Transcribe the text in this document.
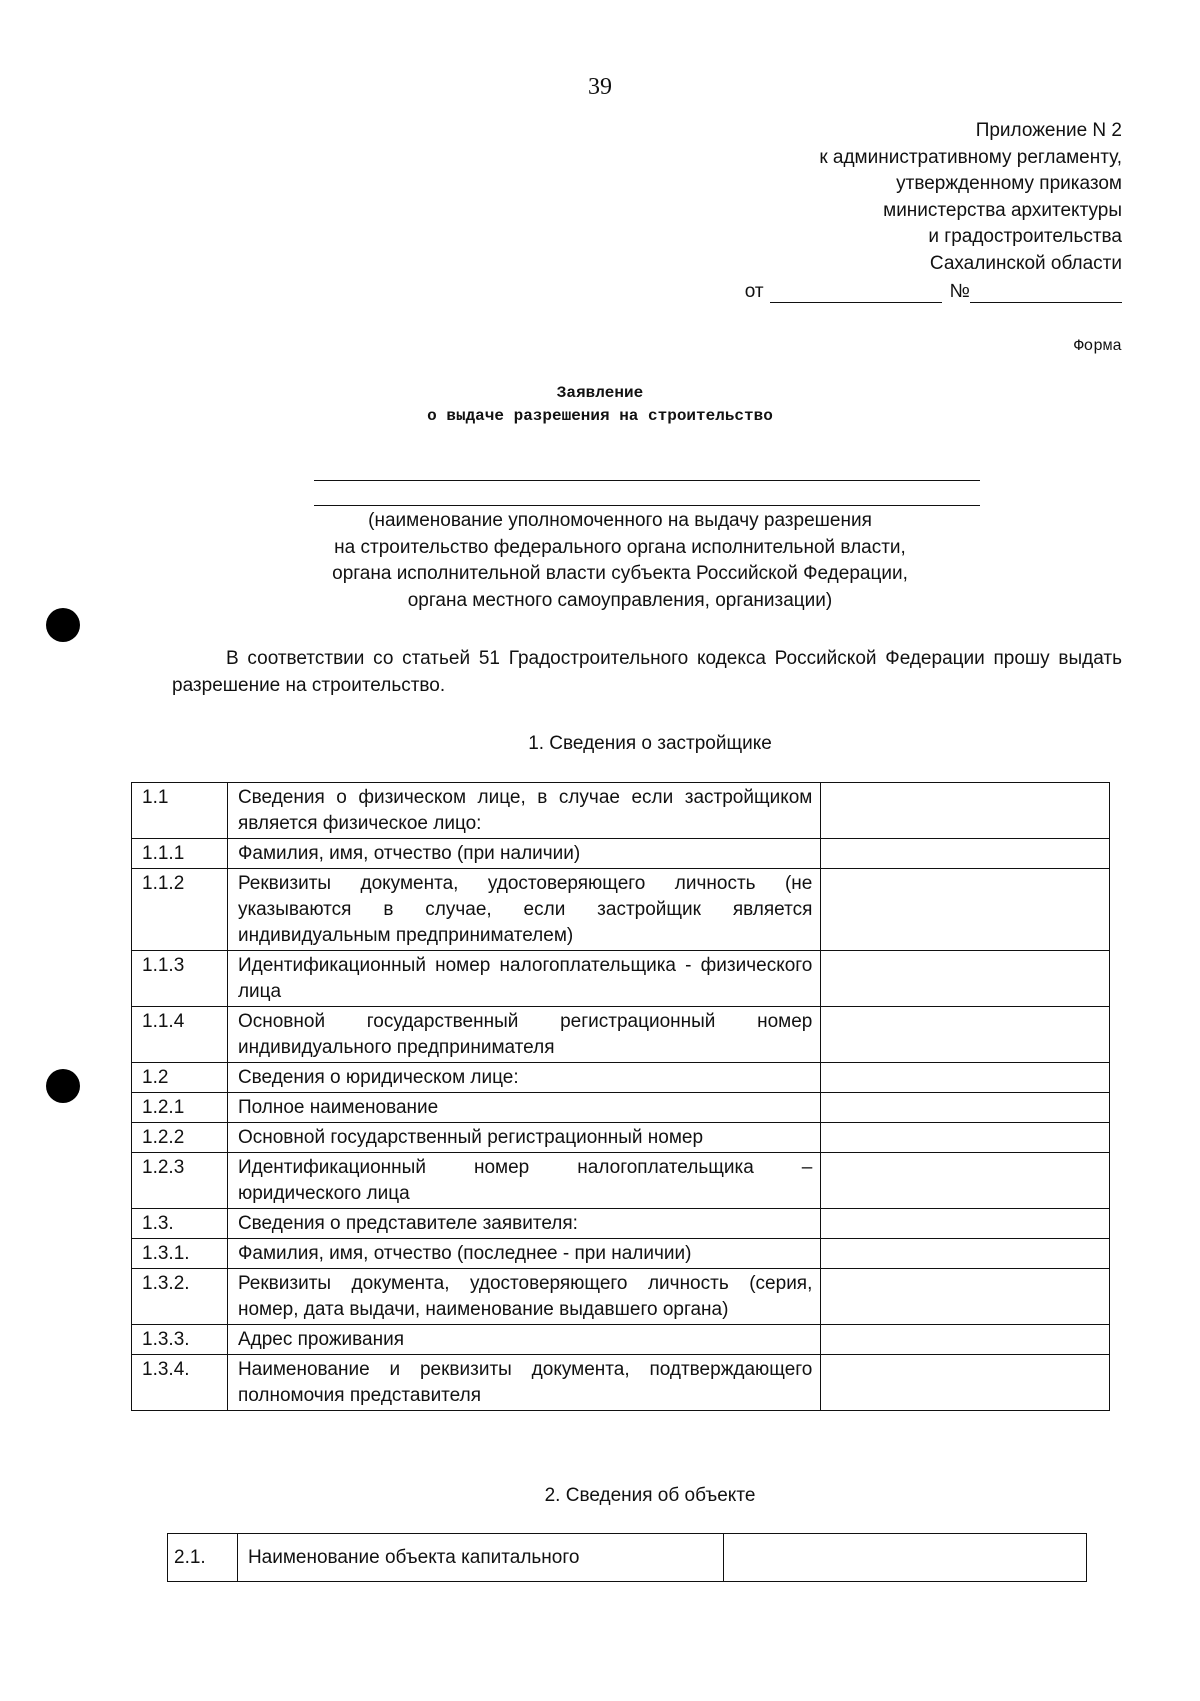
39
Приложение N 2
к административному регламенту,
утвержденному приказом
министерства архитектуры
и градостроительства
Сахалинской области
от	№
Форма
Заявление
о выдаче разрешения на строительство
(наименование уполномоченного на выдачу разрешения
на строительство федерального органа исполнительной власти,
органа исполнительной власти субъекта Российской Федерации,
органа местного самоуправления, организации)

В соответствии со статьей 51 Градостроительного кодекса Российской Федерации прошу выдать разрешение на строительство.

1. Сведения о застройщике
1.1	Сведения о физическом лице, в случае если застройщиком является физическое лицо:	
1.1.1	Фамилия, имя, отчество (при наличии)	
1.1.2	Реквизиты документа, удостоверяющего личность (не указываются в случае, если застройщик является индивидуальным предпринимателем)	
1.1.3	Идентификационный номер налогоплательщика - физического лица	
1.1.4	Основной государственный регистрационный номер индивидуального предпринимателя	
1.2	Сведения о юридическом лице:	
1.2.1	Полное наименование	
1.2.2	Основной государственный регистрационный номер	
1.2.3	Идентификационный номер налогоплательщика – юридического лица	
1.3.	Сведения о представителе заявителя:	
1.3.1.	Фамилия, имя, отчество (последнее - при наличии)	
1.3.2.	Реквизиты документа, удостоверяющего личность (серия, номер, дата выдачи, наименование выдавшего органа)	
1.3.3.	Адрес проживания	
1.3.4.	Наименование и реквизиты документа, подтверждающего полномочия представителя	
2. Сведения об объекте
2.1.	Наименование объекта капитального	
